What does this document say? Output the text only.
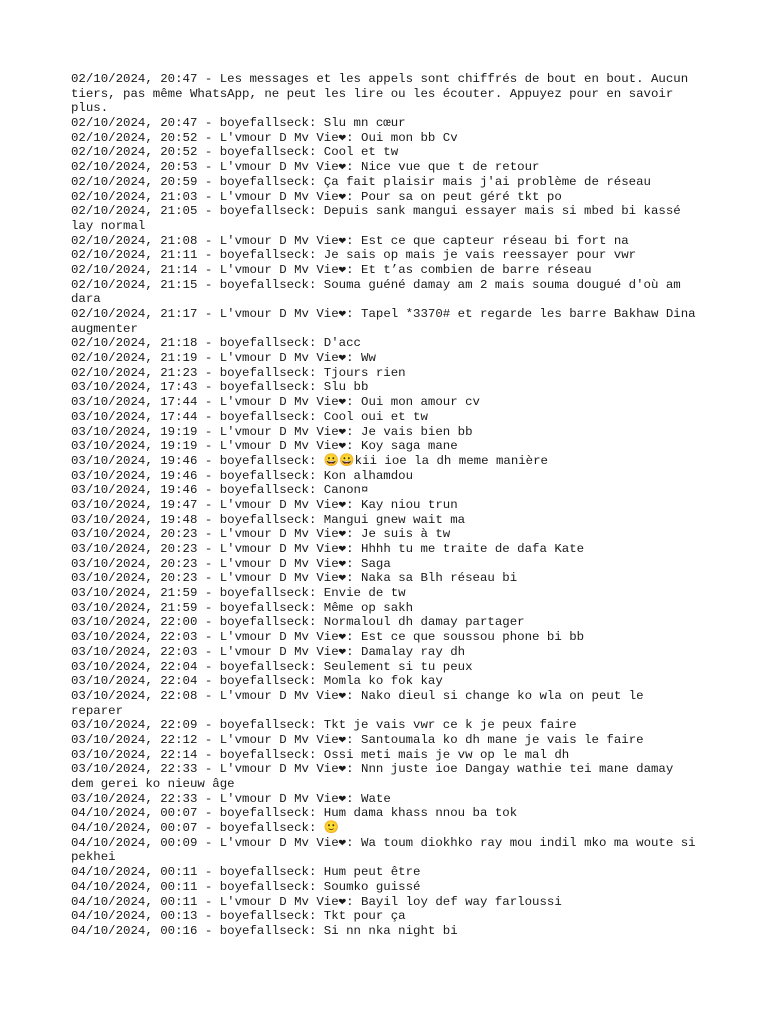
02/10/2024, 20:47 - Les messages et les appels sont chiffrés de bout en bout. Aucun tiers, pas même WhatsApp, ne peut les lire ou les écouter. Appuyez pour en savoir plus.
02/10/2024, 20:47 - boyefallseck: Slu mn cœur
02/10/2024, 20:52 - L'vmour D Mv Vie❤: Oui mon bb Cv
02/10/2024, 20:52 - boyefallseck: Cool et tw
02/10/2024, 20:53 - L'vmour D Mv Vie❤: Nice vue que t de retour
02/10/2024, 20:59 - boyefallseck: Ça fait plaisir mais j'ai problème de réseau
02/10/2024, 21:03 - L'vmour D Mv Vie❤: Pour sa on peut géré tkt po
02/10/2024, 21:05 - boyefallseck: Depuis sank mangui essayer mais si mbed bi kassé lay normal
02/10/2024, 21:08 - L'vmour D Mv Vie❤: Est ce que capteur réseau bi fort na
02/10/2024, 21:11 - boyefallseck: Je sais op mais je vais reessayer pour vwr
02/10/2024, 21:14 - L'vmour D Mv Vie❤: Et t’as combien de barre réseau
02/10/2024, 21:15 - boyefallseck: Souma guéné damay am 2 mais souma dougué d'où am dara
02/10/2024, 21:17 - L'vmour D Mv Vie❤: Tapel *3370# et regarde les barre Bakhaw Dina augmenter
02/10/2024, 21:18 - boyefallseck: D'acc
02/10/2024, 21:19 - L'vmour D Mv Vie❤: Ww
02/10/2024, 21:23 - boyefallseck: Tjours rien
03/10/2024, 17:43 - boyefallseck: Slu bb
03/10/2024, 17:44 - L'vmour D Mv Vie❤: Oui mon amour cv
03/10/2024, 17:44 - boyefallseck: Cool oui et tw
03/10/2024, 19:19 - L'vmour D Mv Vie❤: Je vais bien bb
03/10/2024, 19:19 - L'vmour D Mv Vie❤: Koy saga mane
03/10/2024, 19:46 - boyefallseck: 😀😀kii ioe la dh meme manière
03/10/2024, 19:46 - boyefallseck: Kon alhamdou
03/10/2024, 19:46 - boyefallseck: Canon¤
03/10/2024, 19:47 - L'vmour D Mv Vie❤: Kay niou trun
03/10/2024, 19:48 - boyefallseck: Mangui gnew wait ma
03/10/2024, 20:23 - L'vmour D Mv Vie❤: Je suis à tw
03/10/2024, 20:23 - L'vmour D Mv Vie❤: Hhhh tu me traite de dafa Kate
03/10/2024, 20:23 - L'vmour D Mv Vie❤: Saga
03/10/2024, 20:23 - L'vmour D Mv Vie❤: Naka sa Blh réseau bi
03/10/2024, 21:59 - boyefallseck: Envie de tw
03/10/2024, 21:59 - boyefallseck: Même op sakh
03/10/2024, 22:00 - boyefallseck: Normaloul dh damay partager
03/10/2024, 22:03 - L'vmour D Mv Vie❤: Est ce que soussou phone bi bb
03/10/2024, 22:03 - L'vmour D Mv Vie❤: Damalay ray dh
03/10/2024, 22:04 - boyefallseck: Seulement si tu peux
03/10/2024, 22:04 - boyefallseck: Momla ko fok kay
03/10/2024, 22:08 - L'vmour D Mv Vie❤: Nako dieul si change ko wla on peut le reparer
03/10/2024, 22:09 - boyefallseck: Tkt je vais vwr ce k je peux faire
03/10/2024, 22:12 - L'vmour D Mv Vie❤: Santoumala ko dh mane je vais le faire
03/10/2024, 22:14 - boyefallseck: Ossi meti mais je vw op le mal dh
03/10/2024, 22:33 - L'vmour D Mv Vie❤: Nnn juste ioe Dangay wathie tei mane damay dem gerei ko nieuw âge
03/10/2024, 22:33 - L'vmour D Mv Vie❤: Wate
04/10/2024, 00:07 - boyefallseck: Hum dama khass nnou ba tok
04/10/2024, 00:07 - boyefallseck: 🙂
04/10/2024, 00:09 - L'vmour D Mv Vie❤: Wa toum diokhko ray mou indil mko ma woute si pekhei
04/10/2024, 00:11 - boyefallseck: Hum peut être
04/10/2024, 00:11 - boyefallseck: Soumko guissé
04/10/2024, 00:11 - L'vmour D Mv Vie❤: Bayil loy def way farloussi
04/10/2024, 00:13 - boyefallseck: Tkt pour ça
04/10/2024, 00:16 - boyefallseck: Si nn nka night bi
